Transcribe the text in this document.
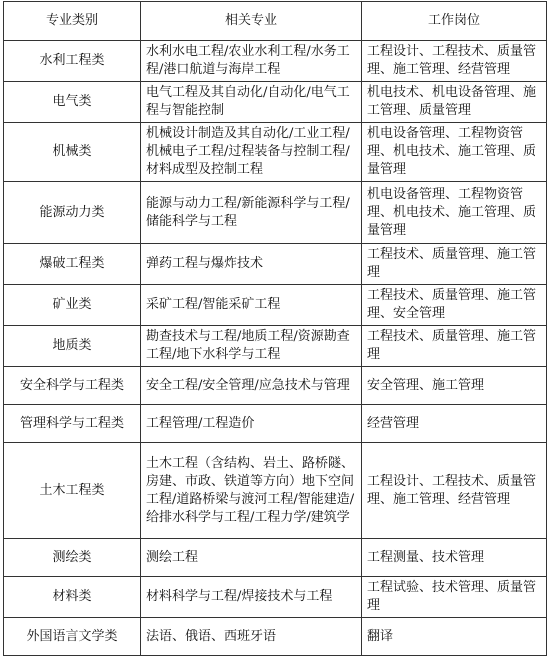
专业类别	相关专业	工作岗位
水利工程类	水利水电工程/农业水利工程/水务工程/港口航道与海岸工程	工程设计、工程技术、质量管理、施工管理、经营管理
电气类	电气工程及其自动化/自动化/电气工程与智能控制	机电技术、机电设备管理、施工管理、质量管理
机械类	机械设计制造及其自动化/工业工程/机械电子工程/过程装备与控制工程/材料成型及控制工程	机电设备管理、工程物资管理、机电技术、施工管理、质量管理
能源动力类	能源与动力工程/新能源科学与工程/储能科学与工程	机电设备管理、工程物资管理、机电技术、施工管理、质量管理
爆破工程类	弹药工程与爆炸技术	工程技术、质量管理、施工管理
矿业类	采矿工程/智能采矿工程	工程技术、质量管理、施工管理、安全管理
地质类	勘查技术与工程/地质工程/资源勘查工程/地下水科学与工程	工程技术、质量管理、施工管理
安全科学与工程类	安全工程/安全管理/应急技术与管理	安全管理、施工管理
管理科学与工程类	工程管理/工程造价	经营管理
土木工程类	土木工程（含结构、岩土、路桥隧、房建、市政、铁道等方向）地下空间工程/道路桥梁与渡河工程/智能建造/给排水科学与工程/工程力学/建筑学	工程设计、工程技术、质量管理、施工管理、经营管理
测绘类	测绘工程	工程测量、技术管理
材料类	材料科学与工程/焊接技术与工程	工程试验、技术管理、质量管理
外国语言文学类	法语、俄语、西班牙语	翻译
